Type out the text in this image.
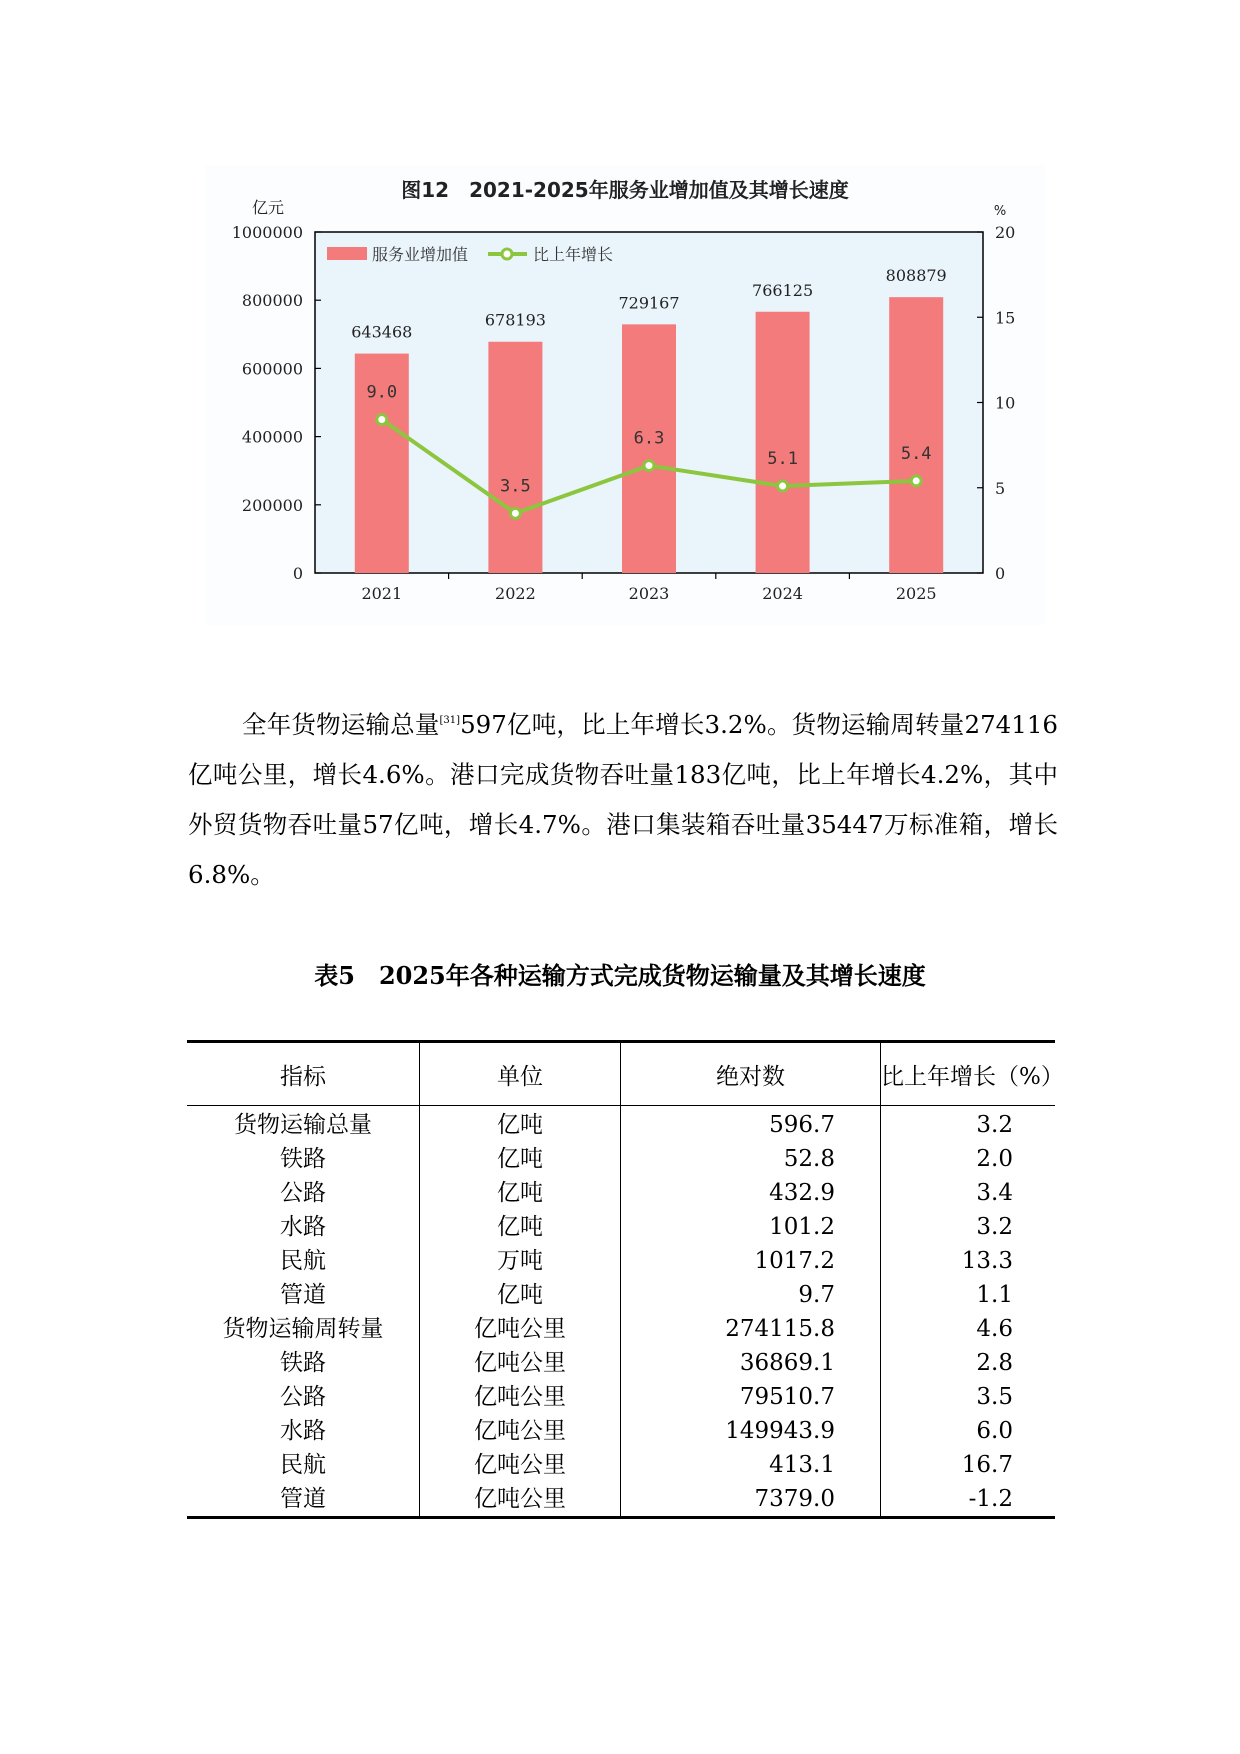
图12　2021-2025年服务业增加值及其增长速度
亿元	%
0
200000
400000
600000
800000
1000000
0
5
10
15
20
643468
2021
678193
2022
729167
2023
766125
2024
808879
2025
9.0
3.5
6.3
5.1	5.4
服务业增加值	比上年增长

全年货物运输总量[31]597亿吨，比上年增长3.2%。货物运输周转量274116亿吨公里，增长4.6%。港口完成货物吞吐量183亿吨，比上年增长4.2%，其中外贸货物吞吐量57亿吨，增长4.7%。港口集装箱吞吐量35447万标准箱，增长6.8%。

表5　2025年各种运输方式完成货物运输量及其增长速度
指标	单位	绝对数	比上年增长（%）
货物运输总量	亿吨	596.7	3.2
铁路	亿吨	52.8	2.0
公路	亿吨	432.9	3.4
水路	亿吨	101.2	3.2
民航	万吨	1017.2	13.3
管道	亿吨	9.7	1.1
货物运输周转量	亿吨公里	274115.8	4.6
铁路	亿吨公里	36869.1	2.8
公路	亿吨公里	79510.7	3.5
水路	亿吨公里	149943.9	6.0
民航	亿吨公里	413.1	16.7
管道	亿吨公里	7379.0	-1.2
